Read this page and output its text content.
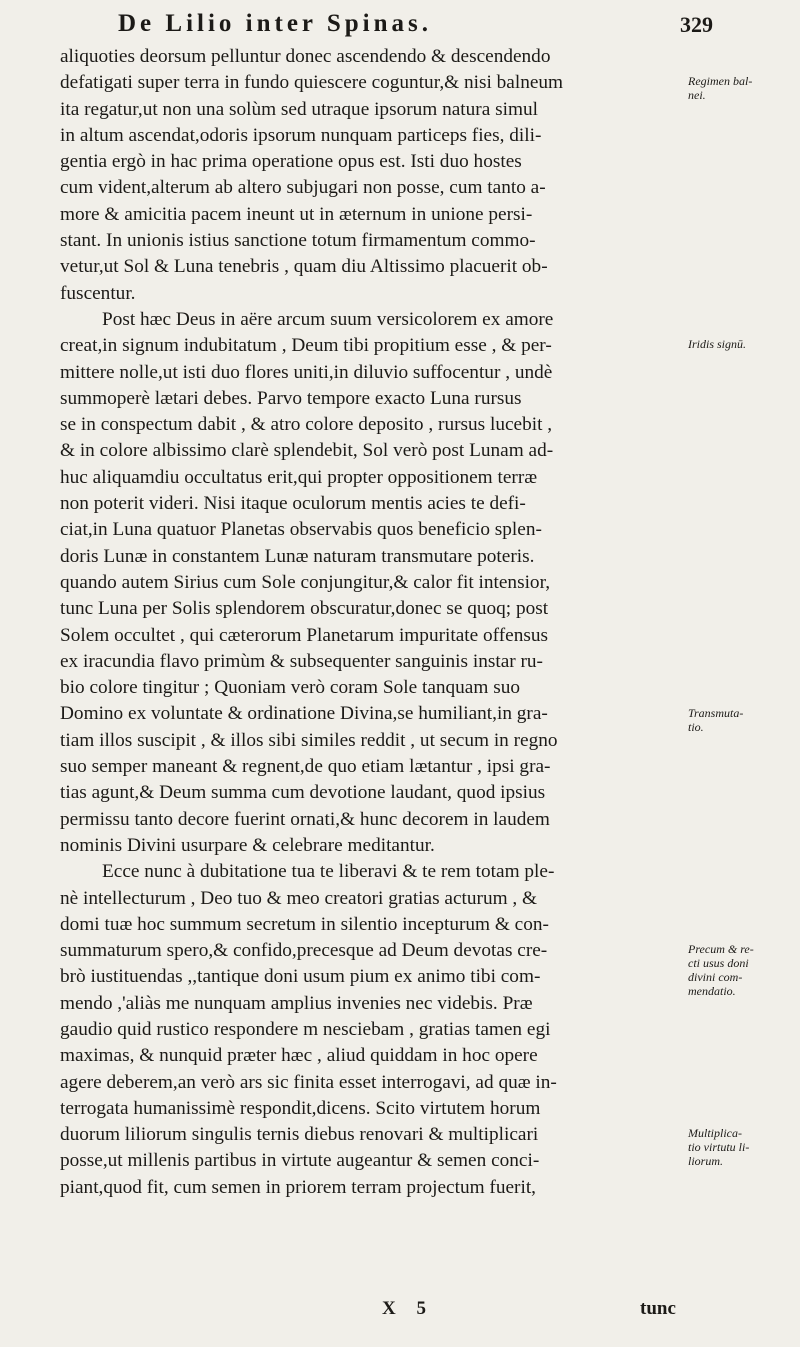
De Lilio inter Spinas.	329
aliquoties deorsum pelluntur donec ascendendo & descendendo
defatigati super terra in fundo quiescere coguntur,& nisi balneum
ita regatur,ut non una solùm sed utraque ipsorum natura simul
in altum ascendat,odoris ipsorum nunquam particeps fies, dili-
gentia ergò in hac prima operatione opus est. Isti duo hostes
cum vident,alterum ab altero subjugari non posse, cum tanto a-
more & amicitia pacem ineunt ut in æternum in unione persi-
stant. In unionis istius sanctione totum firmamentum commo-
vetur,ut Sol & Luna tenebris , quam diu Altissimo placuerit ob-
fuscentur.
Post hæc Deus in aëre arcum suum versicolorem ex amore
creat,in signum indubitatum , Deum tibi propitium esse , & per-
mittere nolle,ut isti duo flores uniti,in diluvio suffocentur , undè
summoperè lætari debes. Parvo tempore exacto Luna rursus
se in conspectum dabit , & atro colore deposito , rursus lucebit ,
& in colore albissimo clarè splendebit, Sol verò post Lunam ad-
huc aliquamdiu occultatus erit,qui propter oppositionem terræ
non poterit videri. Nisi itaque oculorum mentis acies te defi-
ciat,in Luna quatuor Planetas observabis quos beneficio splen-
doris Lunæ in constantem Lunæ naturam transmutare poteris.
quando autem Sirius cum Sole conjungitur,& calor fit intensior,
tunc Luna per Solis splendorem obscuratur,donec se quoq; post
Solem occultet , qui cæterorum Planetarum impuritate offensus
ex iracundia flavo primùm & subsequenter sanguinis instar ru-
bio colore tingitur ; Quoniam verò coram Sole tanquam suo
Domino ex voluntate & ordinatione Divina,se humiliant,in gra-
tiam illos suscipit , & illos sibi similes reddit , ut secum in regno
suo semper maneant & regnent,de quo etiam lætantur , ipsi gra-
tias agunt,& Deum summa cum devotione laudant, quod ipsius
permissu tanto decore fuerint ornati,& hunc decorem in laudem
nominis Divini usurpare & celebrare meditantur.
Ecce nunc à dubitatione tua te liberavi & te rem totam ple-
nè intellecturum , Deo tuo & meo creatori gratias acturum , &
domi tuæ hoc summum secretum in silentio incepturum & con-
summaturum spero,& confido,precesque ad Deum devotas cre-
brò iustituendas ,,tantique doni usum pium ex animo tibi com-
mendo ,'aliàs me nunquam amplius invenies nec videbis. Præ
gaudio quid rustico respondere m nesciebam , gratias tamen egi
maximas, & nunquid præter hæc , aliud quiddam in hoc opere
agere deberem,an verò ars sic finita esset interrogavi, ad quæ in-
terrogata humanissimè respondit,dicens. Scito virtutem horum
duorum liliorum singulis ternis diebus renovari & multiplicari
posse,ut millenis partibus in virtute augeantur & semen conci-
piant,quod fit, cum semen in priorem terram projectum fuerit,
Regimen bal-
nei.
Iridis signū.
Transmuta-
tio.
Precum & re-
cti usus doni
divini com-
mendatio.
Multiplica-
tio virtutu li-
liorum.
X 5	tunc
